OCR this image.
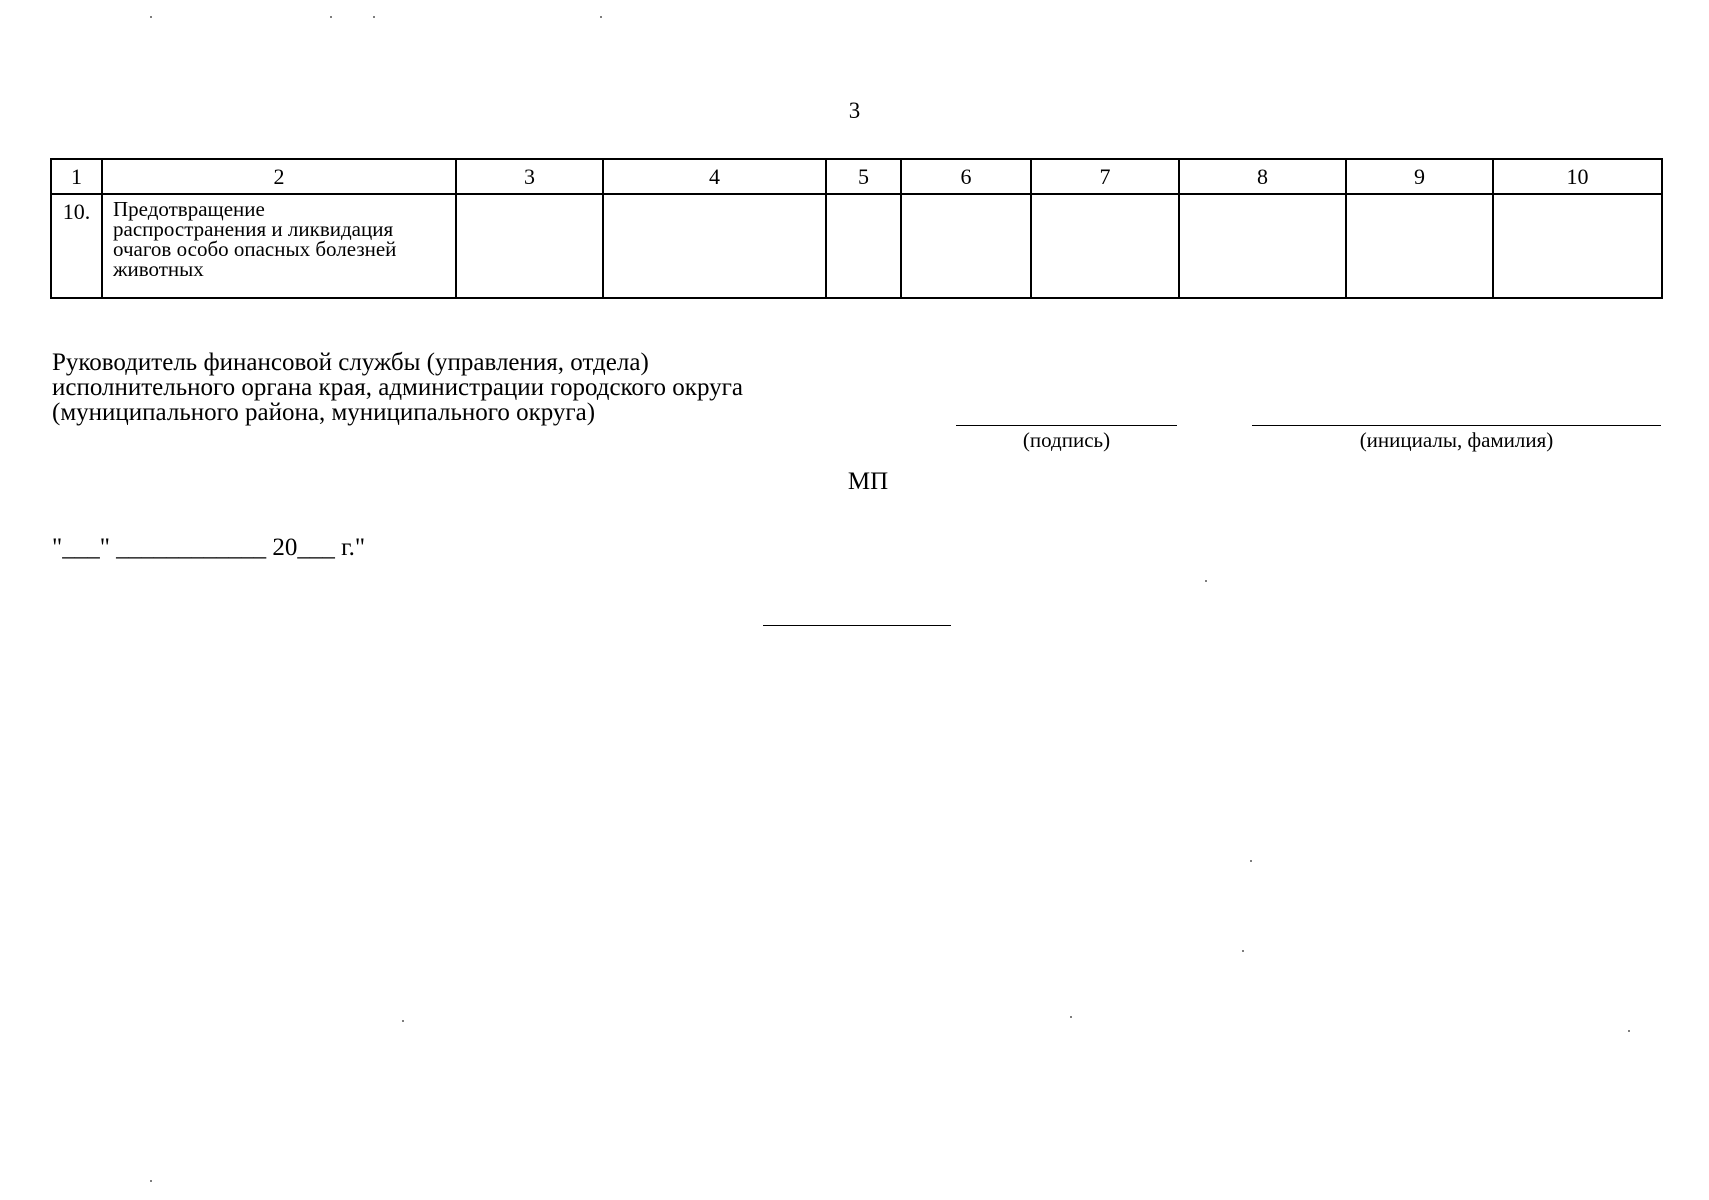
3
1	2	3	4	5	6	7	8	9	10
10.	Предотвращение
распространения и ликвидация
очагов особо опасных болезней
животных								

Руководитель финансовой службы (управления, отдела)
исполнительного органа края, администрации городского округа
(муниципального района, муниципального округа)
(подпись)	(инициалы, фамилия)
МП
"___" ____________ 20___ г."
